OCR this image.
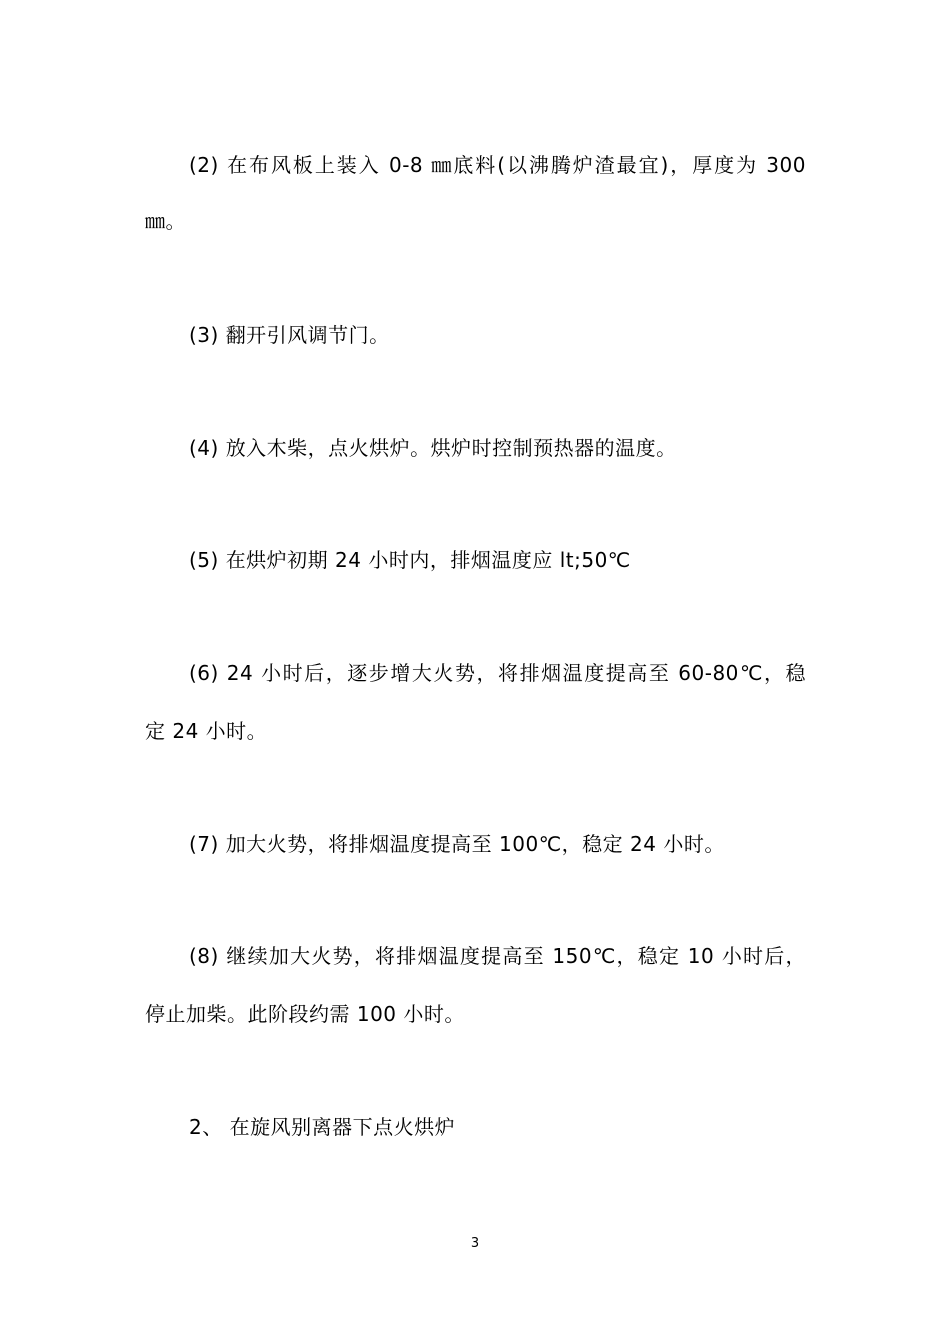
(2) 在布风板上装入 0-8 ㎜底料(以沸腾炉渣最宜)，厚度为 300
㎜。
(3) 翻开引风调节门。
(4) 放入木柴，点火烘炉。烘炉时控制预热器的温度。
(5) 在烘炉初期 24 小时内，排烟温度应 lt;50℃
(6) 24 小时后，逐步增大火势，将排烟温度提高至 60-80℃，稳
定 24 小时。
(7) 加大火势，将排烟温度提高至 100℃，稳定 24 小时。
(8) 继续加大火势，将排烟温度提高至 150℃，稳定 10 小时后，
停止加柴。此阶段约需 100 小时。
2、 在旋风别离器下点火烘炉
3
